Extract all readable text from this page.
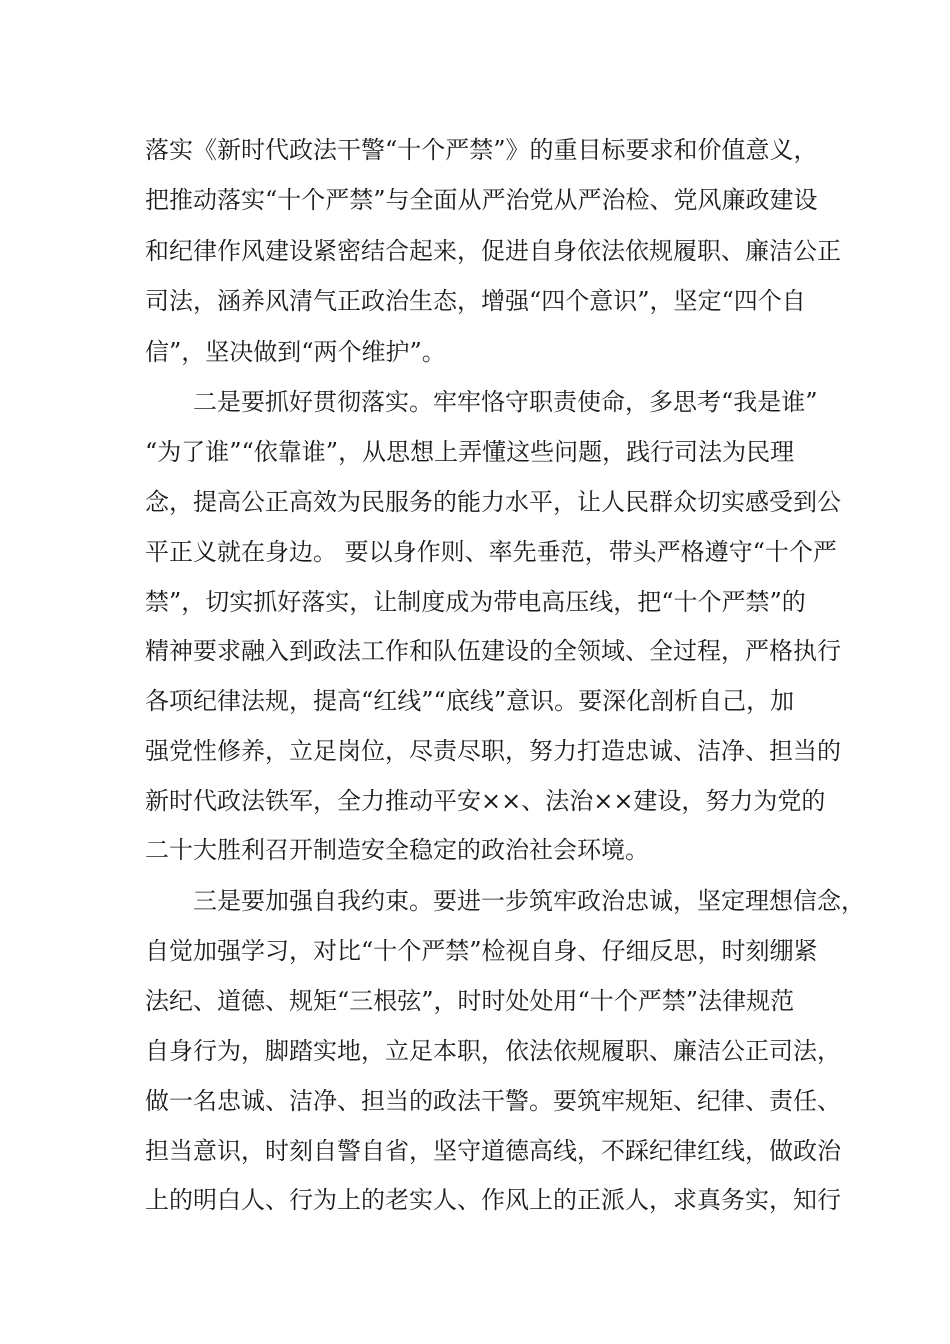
落实《新时代政法干警“十个严禁”》的重目标要求和价值意义，
把推动落实“十个严禁”与全面从严治党从严治检、党风廉政建设
和纪律作风建设紧密结合起来，促进自身依法依规履职、廉洁公正
司法，涵养风清气正政治生态，增强“四个意识”，坚定“四个自
信”，坚决做到“两个维护”。
二是要抓好贯彻落实。牢牢恪守职责使命，多思考“我是谁”
“为了谁”“依靠谁”，从思想上弄懂这些问题，践行司法为民理
念，提高公正高效为民服务的能力水平，让人民群众切实感受到公
平正义就在身边。 要以身作则、率先垂范，带头严格遵守“十个严
禁”，切实抓好落实，让制度成为带电高压线，把“十个严禁”的
精神要求融入到政法工作和队伍建设的全领域、全过程，严格执行
各项纪律法规，提高“红线”“底线”意识。要深化剖析自己，加
强党性修养，立足岗位，尽责尽职，努力打造忠诚、洁净、担当的
新时代政法铁军，全力推动平安××、法治××建设，努力为党的
二十大胜利召开制造安全稳定的政治社会环境。
三是要加强自我约束。要进一步筑牢政治忠诚，坚定理想信念，
自觉加强学习，对比“十个严禁”检视自身、仔细反思，时刻绷紧
法纪、道德、规矩“三根弦”，时时处处用“十个严禁”法律规范
自身行为，脚踏实地，立足本职，依法依规履职、廉洁公正司法，
做一名忠诚、洁净、担当的政法干警。要筑牢规矩、纪律、责任、
担当意识，时刻自警自省，坚守道德高线，不踩纪律红线，做政治
上的明白人、行为上的老实人、作风上的正派人，求真务实，知行
